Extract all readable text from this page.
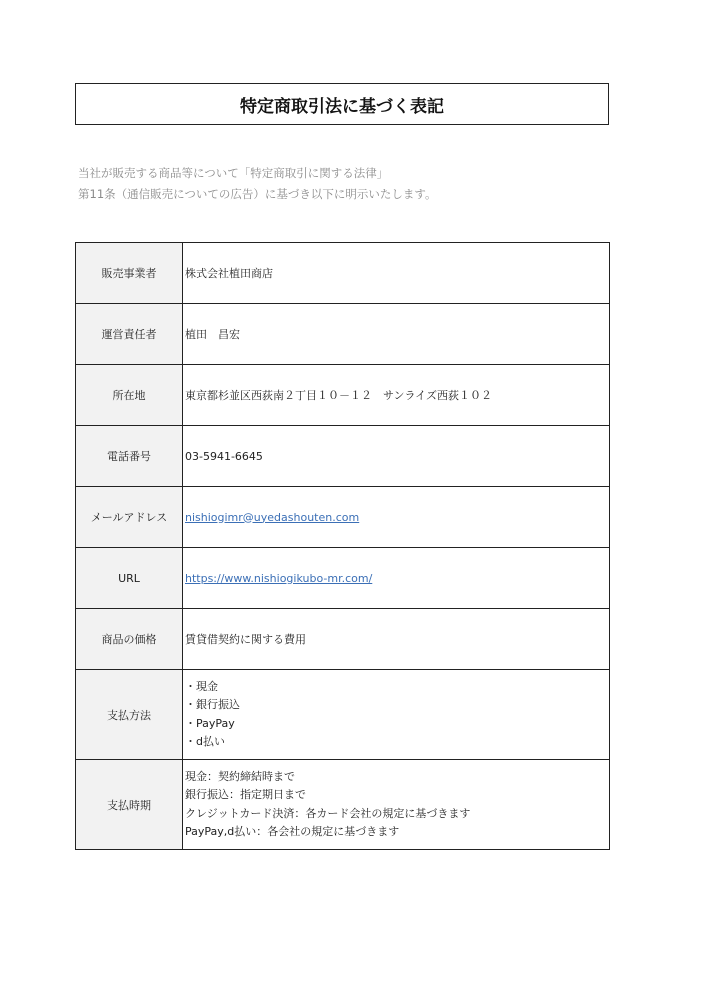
特定商取引法に基づく表記
当社が販売する商品等について「特定商取引に関する法律」
第11条（通信販売についての広告）に基づき以下に明示いたします。
販売事業者	株式会社植田商店
運営責任者	植田　昌宏
所在地	東京都杉並区西荻南２丁目１０－１２　サンライズ西荻１０２
電話番号	03-5941-6645
メールアドレス	nishiogimr@uyedashouten.com
URL	https://www.nishiogikubo-mr.com/
商品の価格	賃貸借契約に関する費用
支払方法	・現金
・銀行振込
・PayPay
・d払い

支払時期	現金：契約締結時まで
銀行振込：指定期日まで
クレジットカード決済：各カード会社の規定に基づきます
PayPay,d払い：各会社の規定に基づきます
